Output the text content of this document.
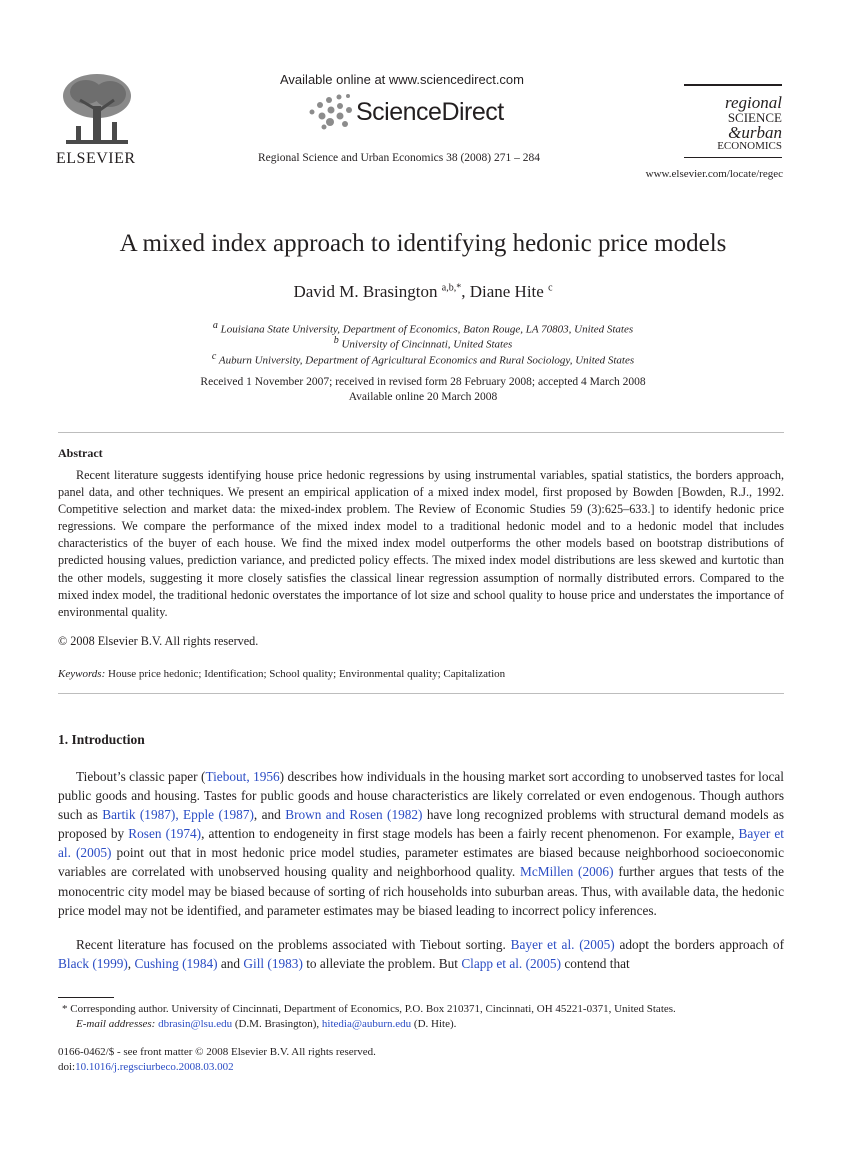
ELSEVIER
Available online at www.sciencedirect.com
ScienceDirect
Regional Science and Urban Economics 38 (2008) 271 – 284
regional
SCIENCE
&urban
ECONOMICS
www.elsevier.com/locate/regec
A mixed index approach to identifying hedonic price models
David M. Brasington $^{a,b,*}$, Diane Hite $^c$
$^a$ Louisiana State University, Department of Economics, Baton Rouge, LA 70803, United States
$^b$ University of Cincinnati, United States
$^c$ Auburn University, Department of Agricultural Economics and Rural Sociology, United States
Received 1 November 2007; received in revised form 28 February 2008; accepted 4 March 2008
Available online 20 March 2008
Abstract
Recent literature suggests identifying house price hedonic regressions by using instrumental variables, spatial statistics, the borders approach, panel data, and other techniques. We present an empirical application of a mixed index model, first proposed by Bowden [Bowden, R.J., 1992. Competitive selection and market data: the mixed-index problem. The Review of Economic Studies 59 (3):625–633.] to identify hedonic price regressions. We compare the performance of the mixed index model to a traditional hedonic model and to a hedonic model that includes characteristics of the buyer of each house. We find the mixed index model outperforms the other models based on bootstrap distributions of predicted housing values, prediction variance, and predicted policy effects. The mixed index model distributions are less skewed and kurtotic than the other models, suggesting it more closely satisfies the classical linear regression assumption of normally distributed errors. Compared to the mixed index model, the traditional hedonic overstates the importance of lot size and school quality to house price and understates the importance of environmental quality.
© 2008 Elsevier B.V. All rights reserved.
Keywords: House price hedonic; Identification; School quality; Environmental quality; Capitalization
1. Introduction
Tiebout’s classic paper (Tiebout, 1956) describes how individuals in the housing market sort according to unobserved tastes for local public goods and housing. Tastes for public goods and house characteristics are likely correlated or even endogenous. Though authors such as Bartik (1987), Epple (1987), and Brown and Rosen (1982) have long recognized problems with structural demand models as proposed by Rosen (1974), attention to endogeneity in first stage models has been a fairly recent phenomenon. For example, Bayer et al. (2005) point out that in most hedonic price model studies, parameter estimates are biased because neighborhood socioeconomic variables are correlated with unobserved housing quality and neighborhood quality. McMillen (2006) further argues that tests of the monocentric city model may be biased because of sorting of rich households into suburban areas. Thus, with available data, the hedonic price model may not be identified, and parameter estimates may be biased leading to incorrect policy inferences.
Recent literature has focused on the problems associated with Tiebout sorting. Bayer et al. (2005) adopt the borders approach of Black (1999), Cushing (1984) and Gill (1983) to alleviate the problem. But Clapp et al. (2005) contend that
* Corresponding author. University of Cincinnati, Department of Economics, P.O. Box 210371, Cincinnati, OH 45221-0371, United States.
E-mail addresses: dbrasin@lsu.edu (D.M. Brasington), hitedia@auburn.edu (D. Hite).
0166-0462/$ - see front matter © 2008 Elsevier B.V. All rights reserved.
doi:10.1016/j.regsciurbeco.2008.03.002
